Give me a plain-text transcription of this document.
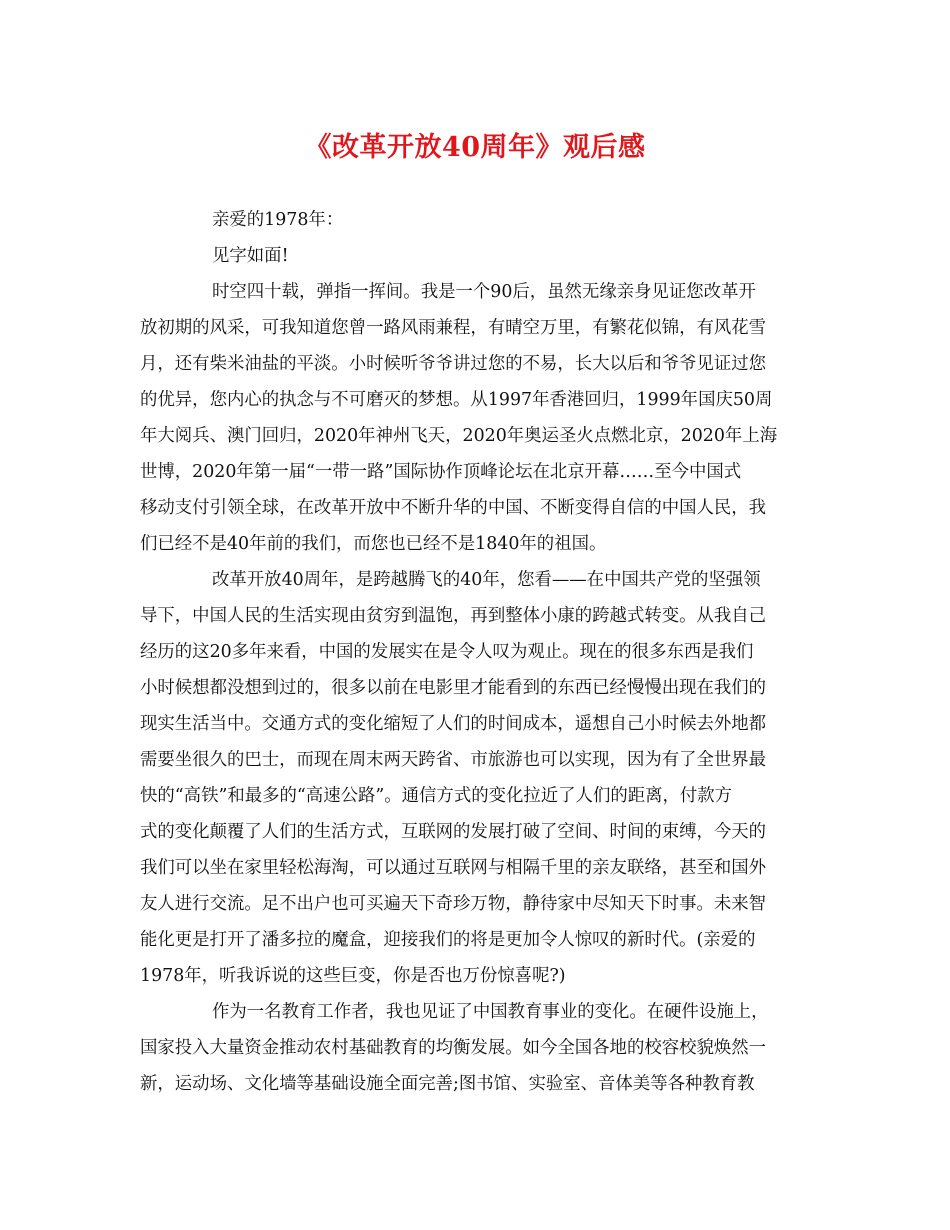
《改革开放40周年》观后感
亲爱的1978年：
见字如面!
时空四十载，弹指一挥间。我是一个90后，虽然无缘亲身见证您改革开
放初期的风采，可我知道您曾一路风雨兼程，有晴空万里，有繁花似锦，有风花雪
月，还有柴米油盐的平淡。小时候听爷爷讲过您的不易，长大以后和爷爷见证过您
的优异，您内心的执念与不可磨灭的梦想。从1997年香港回归，1999年国庆50周
年大阅兵、澳门回归，2020年神州飞天，2020年奥运圣火点燃北京，2020年上海
世博，2020年第一届“一带一路”国际协作顶峰论坛在北京开幕……至今中国式
移动支付引领全球，在改革开放中不断升华的中国、不断变得自信的中国人民，我
们已经不是40年前的我们，而您也已经不是1840年的祖国。
改革开放40周年，是跨越腾飞的40年，您看——在中国共产党的坚强领
导下，中国人民的生活实现由贫穷到温饱，再到整体小康的跨越式转变。从我自己
经历的这20多年来看，中国的发展实在是令人叹为观止。现在的很多东西是我们
小时候想都没想到过的，很多以前在电影里才能看到的东西已经慢慢出现在我们的
现实生活当中。交通方式的变化缩短了人们的时间成本，遥想自己小时候去外地都
需要坐很久的巴士，而现在周末两天跨省、市旅游也可以实现，因为有了全世界最
快的“高铁”和最多的“高速公路”。通信方式的变化拉近了人们的距离，付款方
式的变化颠覆了人们的生活方式，互联网的发展打破了空间、时间的束缚，今天的
我们可以坐在家里轻松海淘，可以通过互联网与相隔千里的亲友联络，甚至和国外
友人进行交流。足不出户也可买遍天下奇珍万物，静待家中尽知天下时事。未来智
能化更是打开了潘多拉的魔盒，迎接我们的将是更加令人惊叹的新时代。(亲爱的
1978年，听我诉说的这些巨变，你是否也万份惊喜呢?)
作为一名教育工作者，我也见证了中国教育事业的变化。在硬件设施上，
国家投入大量资金推动农村基础教育的均衡发展。如今全国各地的校容校貌焕然一
新，运动场、文化墙等基础设施全面完善;图书馆、实验室、音体美等各种教育教
